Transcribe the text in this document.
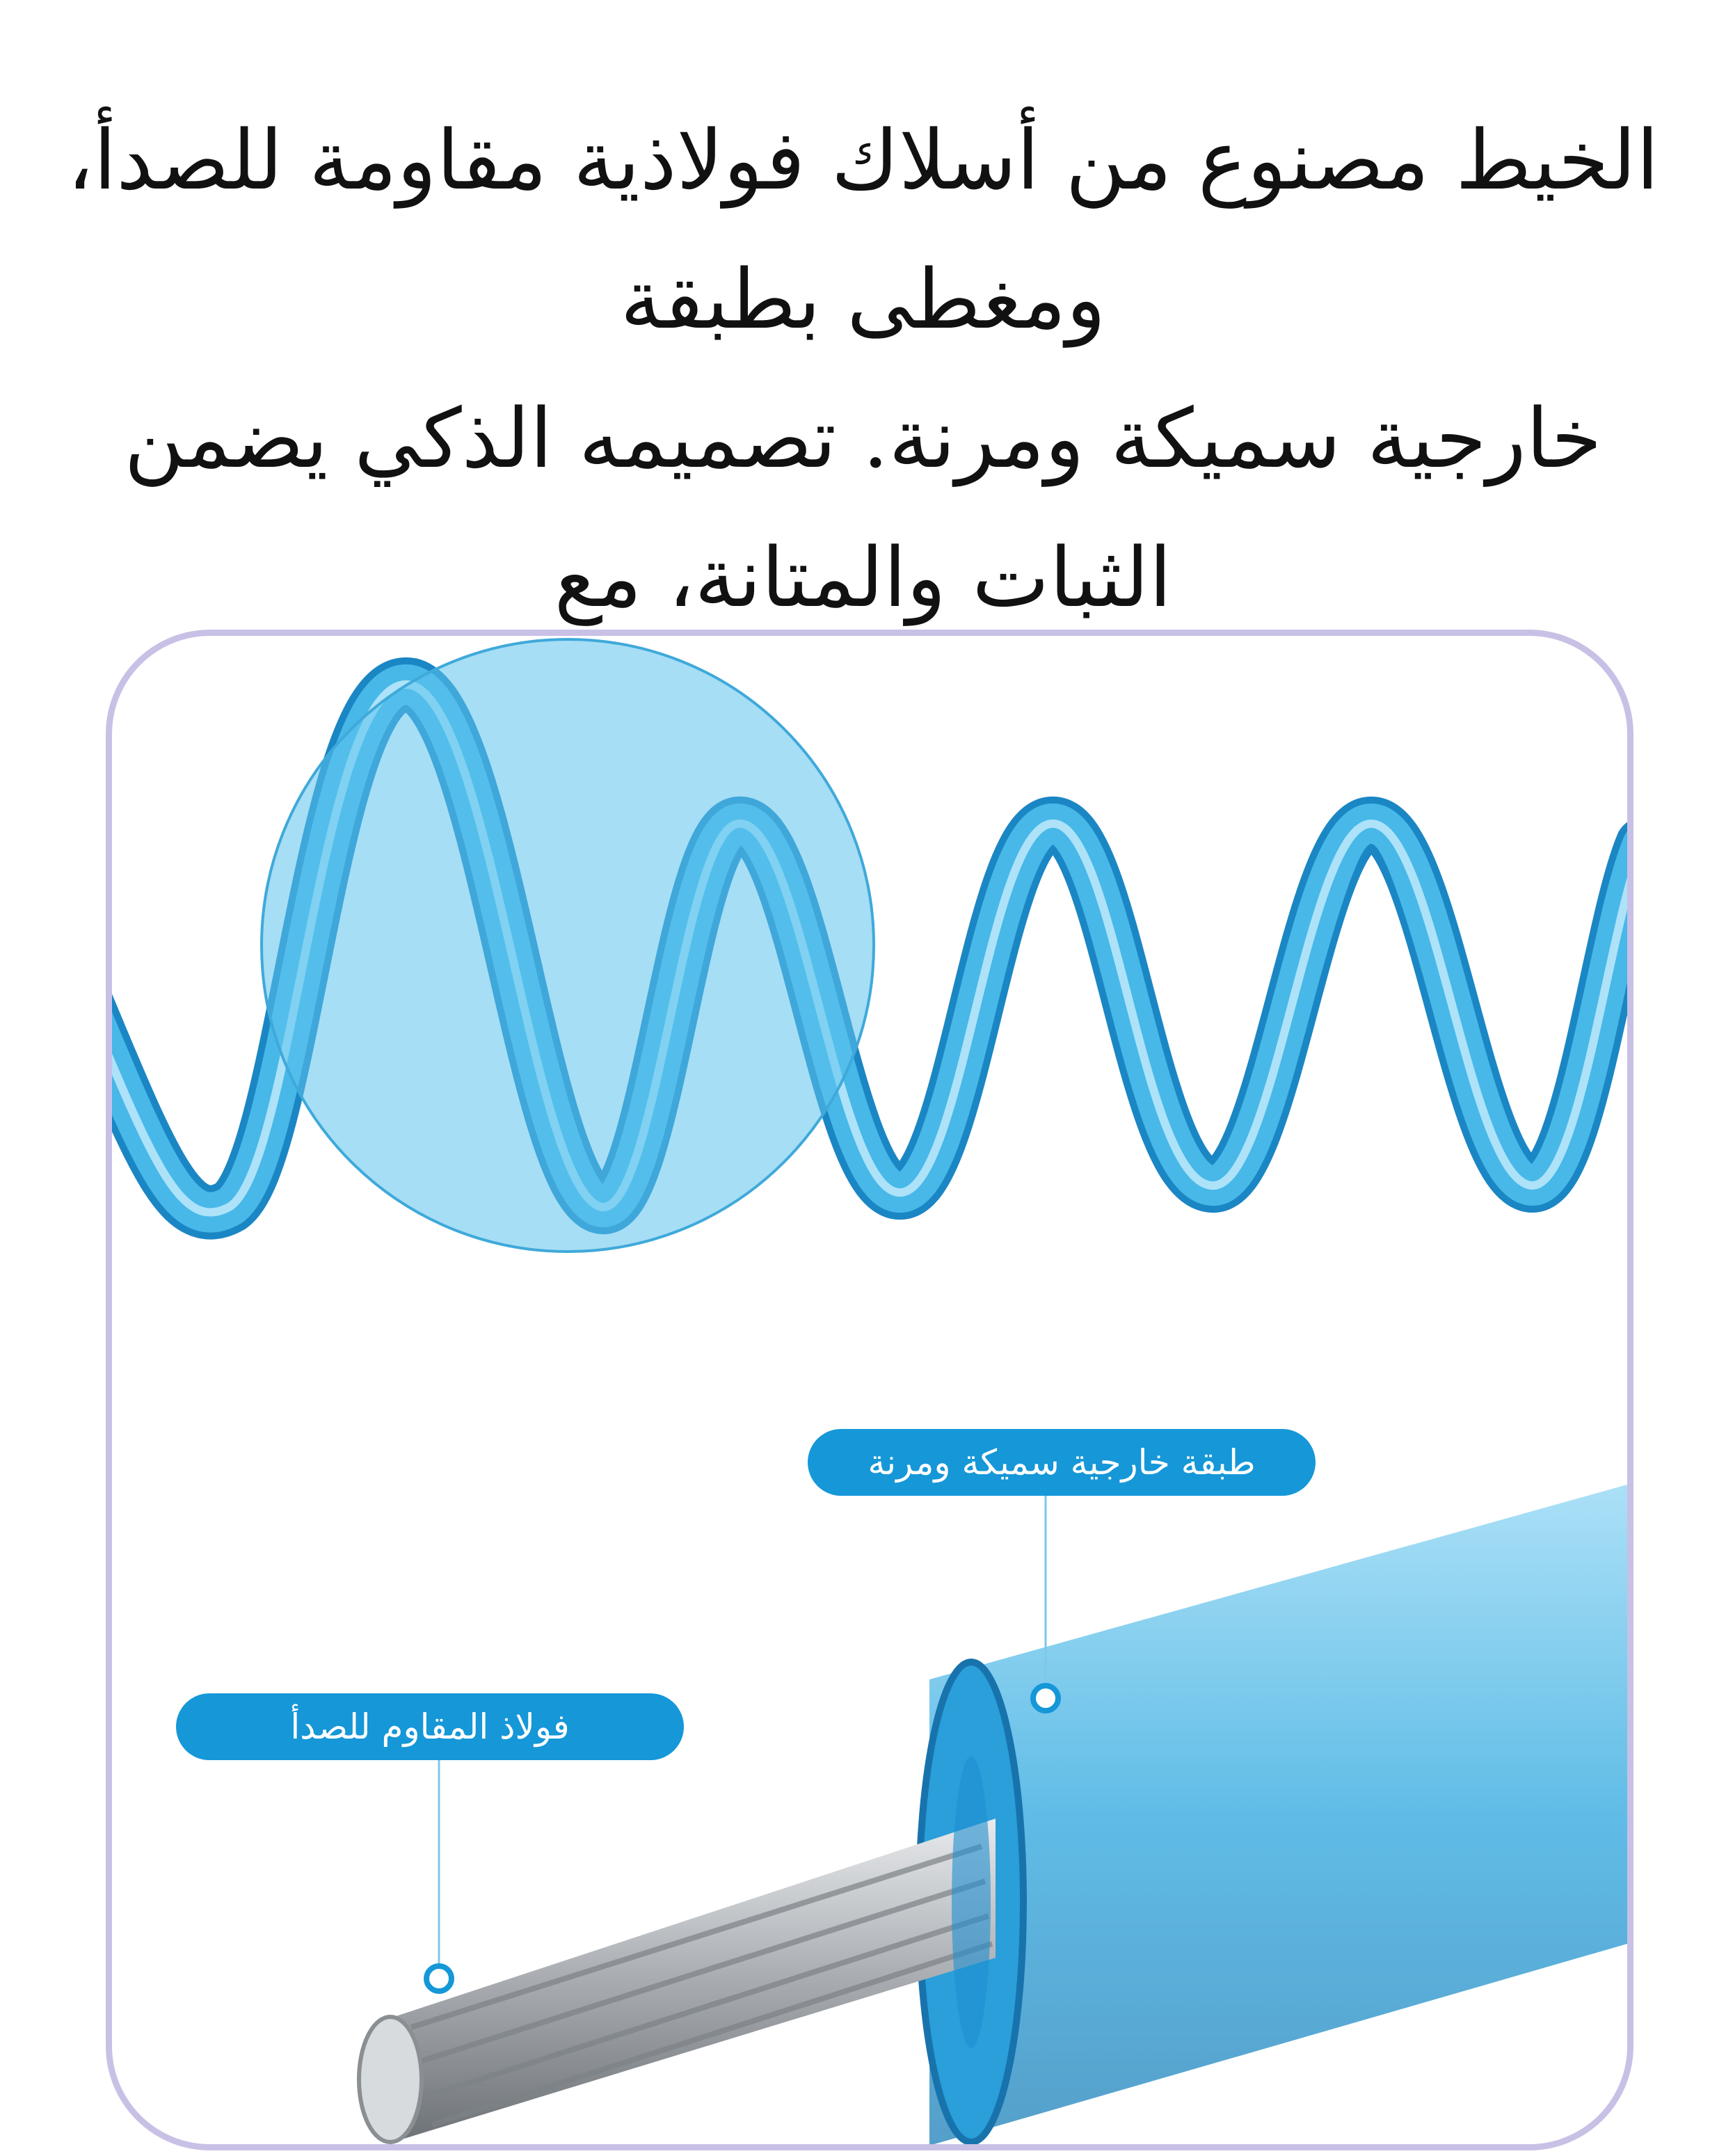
الخيط مصنوع من أسلاك فولاذية مقاومة للصدأ، ومغطى بطبقة
خارجية سميكة ومرنة. تصميمه الذكي يضمن الثبات والمتانة، مع
طبقة خارجية سميكة ومرنة
فولاذ المقاوم للصدأ
